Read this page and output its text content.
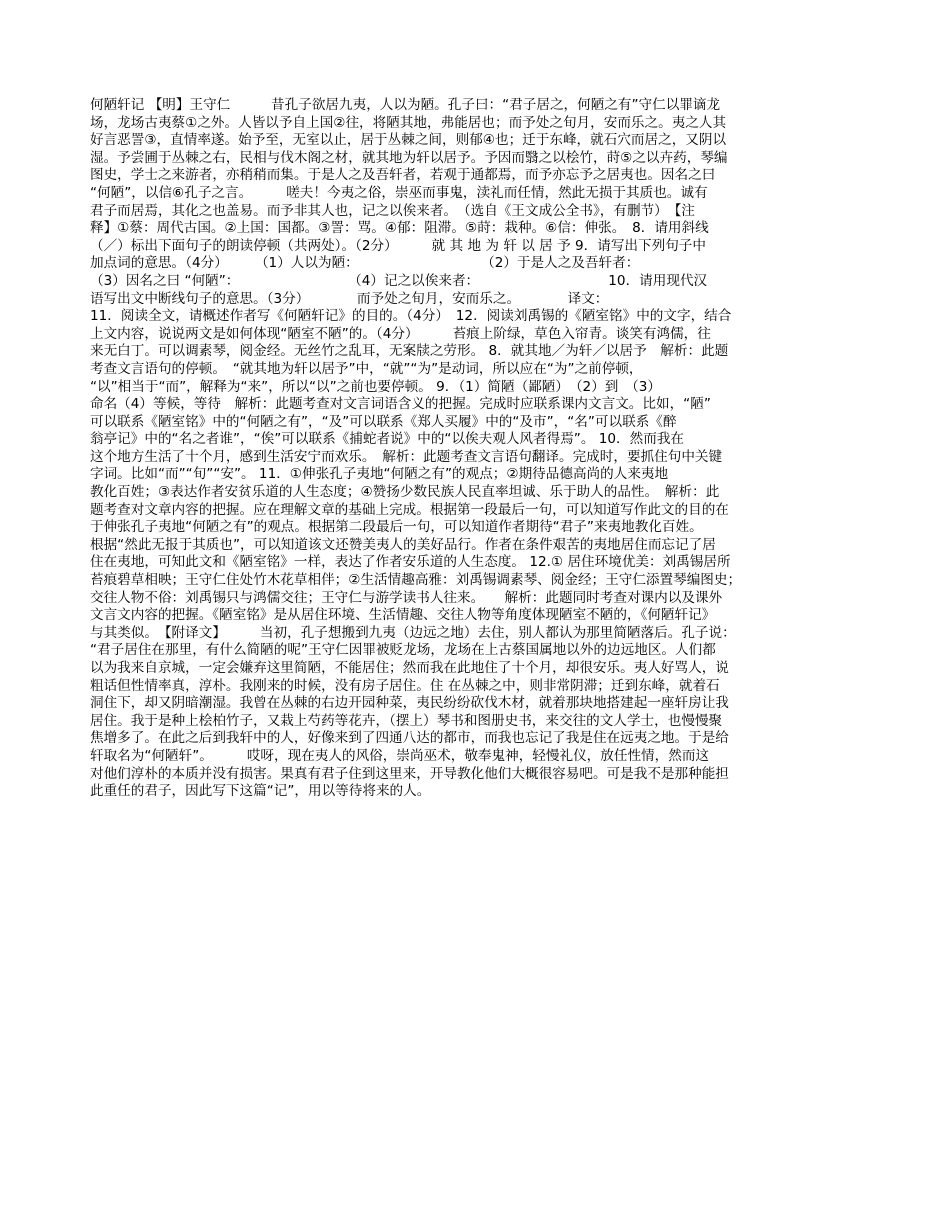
何陋轩记 【明】王守仁　　　昔孔子欲居九夷，人以为陋。孔子曰：“君子居之，何陋之有”守仁以罪谪龙
场，龙场古夷蔡①之外。人皆以予自上国②往，将陋其地，弗能居也；而予处之旬月，安而乐之。夷之人其
好言恶詈③，直情率遂。始予至，无室以止，居于丛棘之间，则郁④也；迁于东峰，就石穴而居之，又阴以
湿。予尝圃于丛棘之右，民相与伐木阁之材，就其地为轩以居予。予因而翳之以桧竹，莳⑤之以卉药，琴编
图史，学士之来游者，亦稍稍而集。于是人之及吾轩者，若观于通都焉，而予亦忘予之居夷也。因名之曰
“何陋”，以信⑥孔子之言。　　　嗟夫！今夷之俗，崇巫而事鬼，渎礼而任情，然此无损于其质也。诚有
君子而居焉，其化之也盖易。而予非其人也，记之以俟来者。　（选自《王文成公全书》，有删节）　【注
释】①蔡：周代古国。②上国：国都。③詈：骂。④郁：阻滞。⑤莳：栽种。⑥信：伸张。　8．请用斜线
（／）标出下面句子的朗读停顿（共两处）。（2分）　　　就 其 地 为 轩 以 居 予 9．请写出下列句子中
加点词的意思。（4分）　　　（1）人以为陋：　　　　　　　　　　（2）于是人之及吾轩者：
（3）因名之曰 “何陋”：　　　　　　　　　（4）记之以俟来者：　　　　　　　　　　10．请用现代汉
语写出文中断线句子的意思。（3分）　　　　而予处之旬月，安而乐之。　　　　译文：
11．阅读全文，请概述作者写《何陋轩记》的目的。（4分）　12．阅读刘禹锡的《陋室铭》中的文字，结合
上文内容，说说两文是如何体现“陋室不陋”的。（4分）　　　苔痕上阶绿，草色入帘青。谈笑有鸿儒，往
来无白丁。可以调素琴，阅金经。无丝竹之乱耳，无案牍之劳形。 8．就其地／为轩／以居予　解析：此题
考查文言语句的停顿。　“就其地为轩以居予”中，“就”“为”是动词，所以应在“为”之前停顿，
“以”相当于“而”，解释为“来”，所以“以”之前也要停顿。 9．（1）简陋（鄙陋）　（2）到　（3）
命名（4）等候，等待　解析：此题考查对文言词语含义的把握。完成时应联系课内文言文。比如，“陋”
可以联系《陋室铭》中的“何陋之有”，“及”可以联系《郑人买履》中的“及市”，“名”可以联系《醉
翁亭记》中的“名之者谁”，“俟”可以联系《捕蛇者说》中的“以俟夫观人风者得焉”。 10．然而我在
这个地方生活了十个月，感到生活安宁而欢乐。　解析：此题考查文言语句翻译。完成时，要抓住句中关键
字词。比如“而”“旬”“安”。 11．①伸张孔子夷地“何陋之有”的观点；②期待品德高尚的人来夷地
教化百姓；③表达作者安贫乐道的人生态度；④赞扬少数民族人民直率坦诚、乐于助人的品性。　解析：此
题考查对文章内容的把握。应在理解文章的基础上完成。根据第一段最后一句，可以知道写作此文的目的在
于伸张孔子夷地“何陋之有”的观点。根据第二段最后一句，可以知道作者期待“君子”来夷地教化百姓。
根据“然此无报于其质也”，可以知道该文还赞美夷人的美好品行。作者在条件艰苦的夷地居住而忘记了居
住在夷地，可知此文和《陋室铭》一样，表达了作者安乐道的人生态度。 12.① 居住环境优美：刘禹锡居所
苔痕碧草相映；王守仁住处竹木花草相伴；②生活情趣高雅：刘禹锡调素琴、阅金经；王守仁添置琴编图史；
交往人物不俗：刘禹锡只与鸿儒交往；王守仁与游学读书人往来。　　解析：此题同时考查对课内以及课外
文言文内容的把握。《陋室铭》是从居住环境、生活情趣、交往人物等角度体现陋室不陋的，《何陋轩记》
与其类似。　【附译文】　　　当初，孔子想搬到九夷（边远之地）去住，别人都认为那里简陋落后。孔子说：
“君子居住在那里，有什么简陋的呢”王守仁因罪被贬龙场，龙场在上古蔡国属地以外的边远地区。人们都
以为我来自京城，一定会嫌弃这里简陋，不能居住；然而我在此地住了十个月，却很安乐。夷人好骂人，说
粗话但性情率真，淳朴。我刚来的时候，没有房子居住。住 在丛棘之中，则非常阴滞；迁到东峰，就着石
洞住下，却又阴暗潮湿。我曾在丛棘的右边开园种菜，夷民纷纷砍伐木材，就着那块地搭建起一座轩房让我
居住。我于是种上桧柏竹子，又栽上芍药等花卉，（摆上）琴书和图册史书，来交往的文人学士，也慢慢聚
焦增多了。在此之后到我轩中的人，好像来到了四通八达的都市，而我也忘记了我是住在远夷之地。于是给
轩取名为“何陋轩”。　　　哎呀，现在夷人的风俗，崇尚巫术，敬奉鬼神，轻慢礼仪，放任性情，然而这
对他们淳朴的本质并没有损害。果真有君子住到这里来，开导教化他们大概很容易吧。可是我不是那种能担
此重任的君子，因此写下这篇“记”，用以等待将来的人。
